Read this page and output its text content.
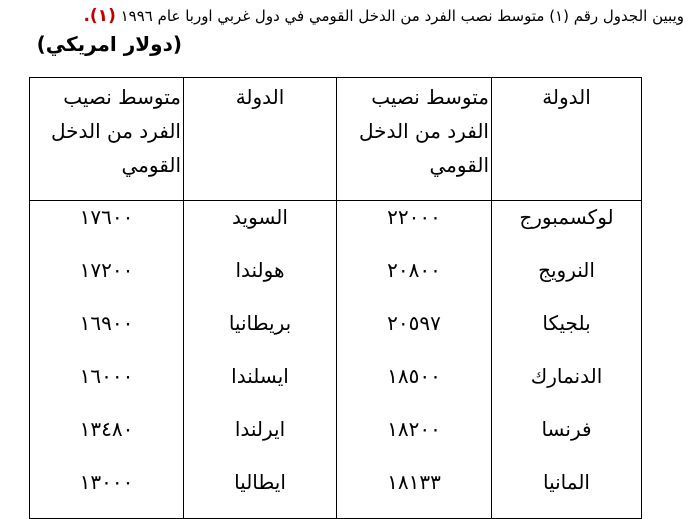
ويبين الجدول رقم (١) متوسط نصب الفرد من الدخل القومي في دول غربي اوربا عام ١٩٩٦ (١).
(دولار امريكي)
الدولة	متوسط نصيب الفرد من الدخل القومي	الدولة	متوسط نصيب الفرد من الدخل القومي
لوكسمبورج	٢٢٠٠٠	السويد	١٧٦٠٠
النرويج	٢٠٨٠٠	هولندا	١٧٢٠٠
بلجيكا	٢٠٥٩٧	بريطانيا	١٦٩٠٠
الدنمارك	١٨٥٠٠	ايسلندا	١٦٠٠٠
فرنسا	١٨٢٠٠	ايرلندا	١٣٤٨٠
المانيا	١٨١٣٣	ايطاليا	١٣٠٠٠
